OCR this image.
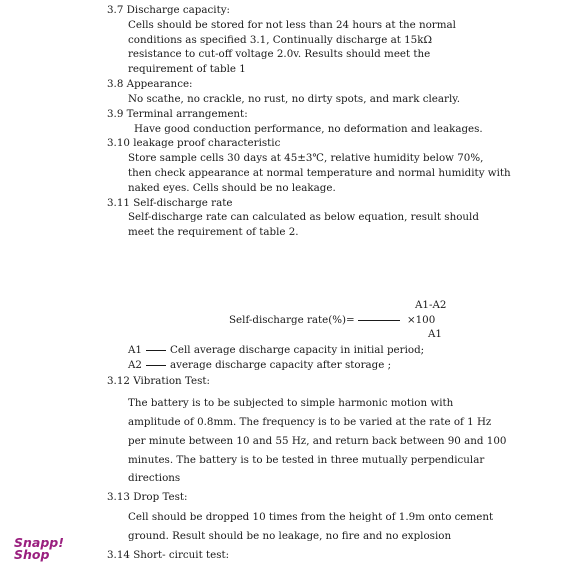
3.7 Discharge capacity:
Cells should be stored for not less than 24 hours at the normal
conditions as specified 3.1, Continually discharge at 15kΩ
resistance to cut-off voltage 2.0v. Results should meet the
requirement of table 1
3.8 Appearance:
No scathe, no crackle, no rust, no dirty spots, and mark clearly.
3.9 Terminal arrangement:
Have good conduction performance, no deformation and leakages.
3.10 leakage proof characteristic
Store sample cells 30 days at 45±3℃, relative humidity below 70%,
then check appearance at normal temperature and normal humidity with
naked eyes. Cells should be no leakage.
3.11 Self-discharge rate
Self-discharge rate can calculated as below equation, result should
meet the requirement of table 2.
A1-A2
Self-discharge rate(%)=	×100
A1
A1	Cell average discharge capacity in initial period;
A2	average discharge capacity after storage ;
3.12 Vibration Test:
The battery is to be subjected to simple harmonic motion with
amplitude of 0.8mm. The frequency is to be varied at the rate of 1 Hz
per minute between 10 and 55 Hz, and return back between 90 and 100
minutes. The battery is to be tested in three mutually perpendicular
directions
3.13 Drop Test:
Cell should be dropped 10 times from the height of 1.9m onto cement
ground. Result should be no leakage, no fire and no explosion
3.14 Short- circuit test:
Snapp!
Shop
